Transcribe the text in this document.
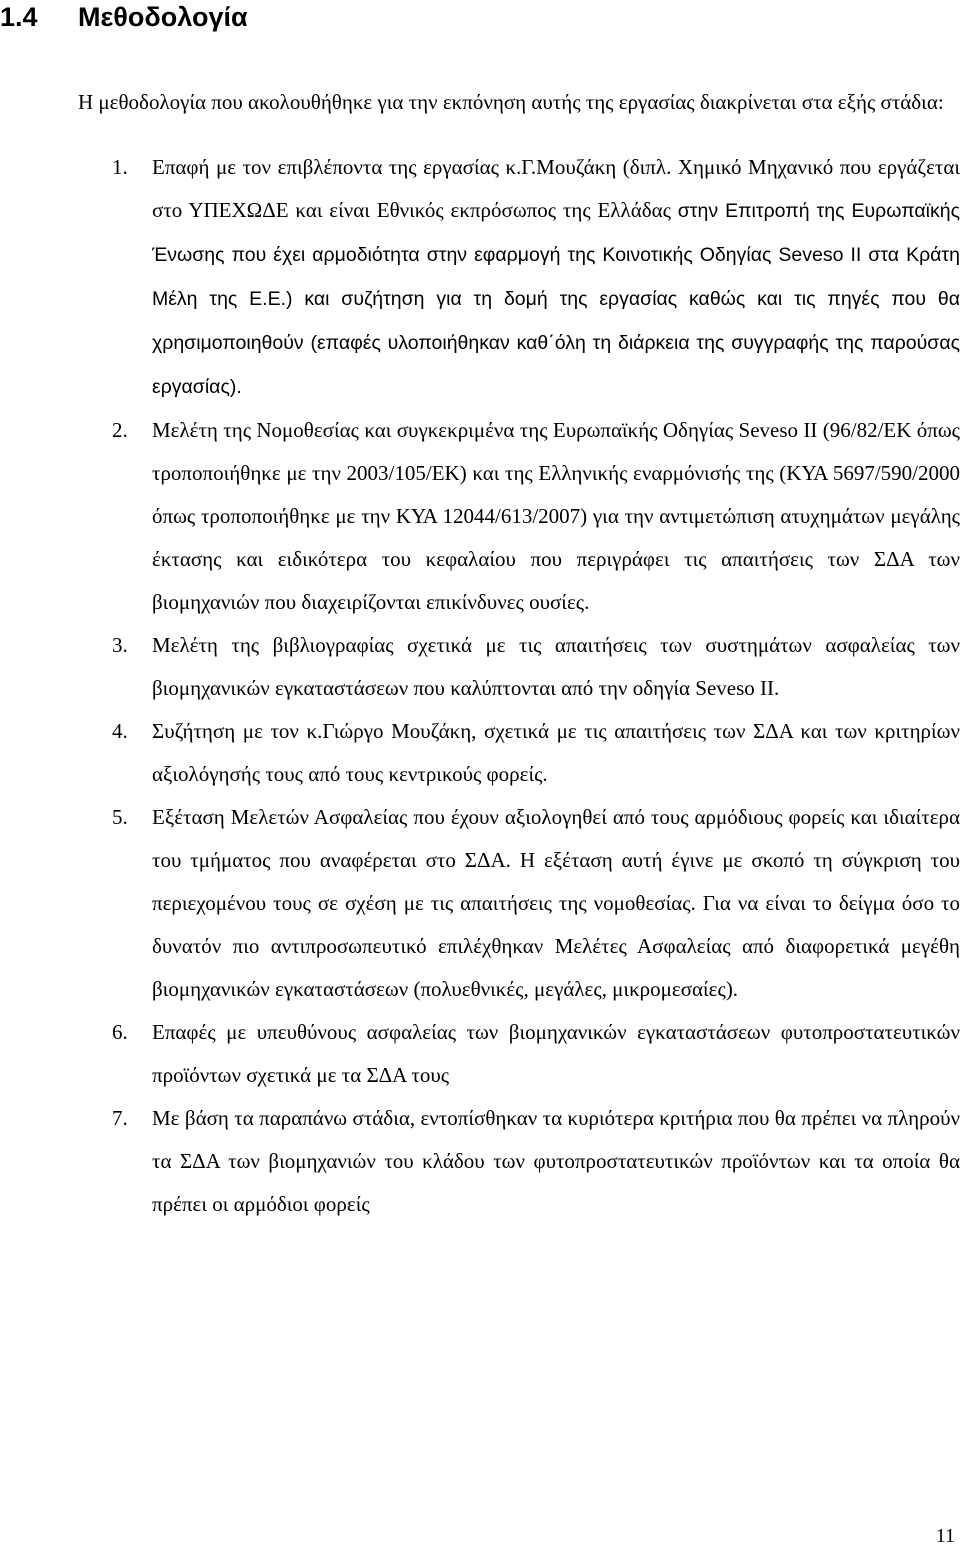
1.4 Μεθοδολογία

Η μεθοδολογία που ακολουθήθηκε για την εκπόνηση αυτής της εργασίας διακρίνεται στα εξής στάδια:

1.	Επαφή με τον επιβλέποντα της εργασίας κ.Γ.Μουζάκη (διπλ. Χημικό Μηχανικό που εργάζεται στο ΥΠΕΧΩΔΕ και είναι Εθνικός εκπρόσωπος της Ελλάδας στην Επιτροπή της Ευρωπαϊκής Ένωσης που έχει αρμοδιότητα στην εφαρμογή της Κοινοτικής Οδηγίας Seveso II στα Κράτη Μέλη της Ε.Ε.) και συζήτηση για τη δομή της εργασίας καθώς και τις πηγές που θα χρησιμοποιηθούν (επαφές υλοποιήθηκαν καθ΄όλη τη διάρκεια της συγγραφής της παρούσας εργασίας).
2.	Μελέτη της Νομοθεσίας και συγκεκριμένα της Ευρωπαϊκής Οδηγίας Seveso II (96/82/ΕΚ όπως τροποποιήθηκε με την 2003/105/ΕΚ) και της Ελληνικής εναρμόνισής της (ΚΥΑ 5697/590/2000 όπως τροποποιήθηκε με την ΚΥΑ 12044/613/2007) για την αντιμετώπιση ατυχημάτων μεγάλης έκτασης και ειδικότερα του κεφαλαίου που περιγράφει τις απαιτήσεις των ΣΔΑ των βιομηχανιών που διαχειρίζονται επικίνδυνες ουσίες.
3.	Μελέτη της βιβλιογραφίας σχετικά με τις απαιτήσεις των συστημάτων ασφαλείας των βιομηχανικών εγκαταστάσεων που καλύπτονται από την οδηγία Seveso II.
4.	Συζήτηση με τον κ.Γιώργο Μουζάκη, σχετικά με τις απαιτήσεις των ΣΔΑ και των κριτηρίων αξιολόγησής τους από τους κεντρικούς φορείς.
5.	Εξέταση Μελετών Ασφαλείας που έχουν αξιολογηθεί από τους αρμόδιους φορείς και ιδιαίτερα του τμήματος που αναφέρεται στο ΣΔΑ. Η εξέταση αυτή έγινε με σκοπό τη σύγκριση του περιεχομένου τους σε σχέση με τις απαιτήσεις της νομοθεσίας. Για να είναι το δείγμα όσο το δυνατόν πιο αντιπροσωπευτικό επιλέχθηκαν Μελέτες Ασφαλείας από διαφορετικά μεγέθη βιομηχανικών εγκαταστάσεων (πολυεθνικές, μεγάλες, μικρομεσαίες).
6.	Επαφές με υπευθύνους ασφαλείας των βιομηχανικών εγκαταστάσεων φυτοπροστατευτικών προϊόντων σχετικά με τα ΣΔΑ τους
7.	Με βάση τα παραπάνω στάδια, εντοπίσθηκαν τα κυριότερα κριτήρια που θα πρέπει να πληρούν τα ΣΔΑ των βιομηχανιών του κλάδου των φυτοπροστατευτικών προϊόντων και τα οποία θα πρέπει οι αρμόδιοι φορείς
11
